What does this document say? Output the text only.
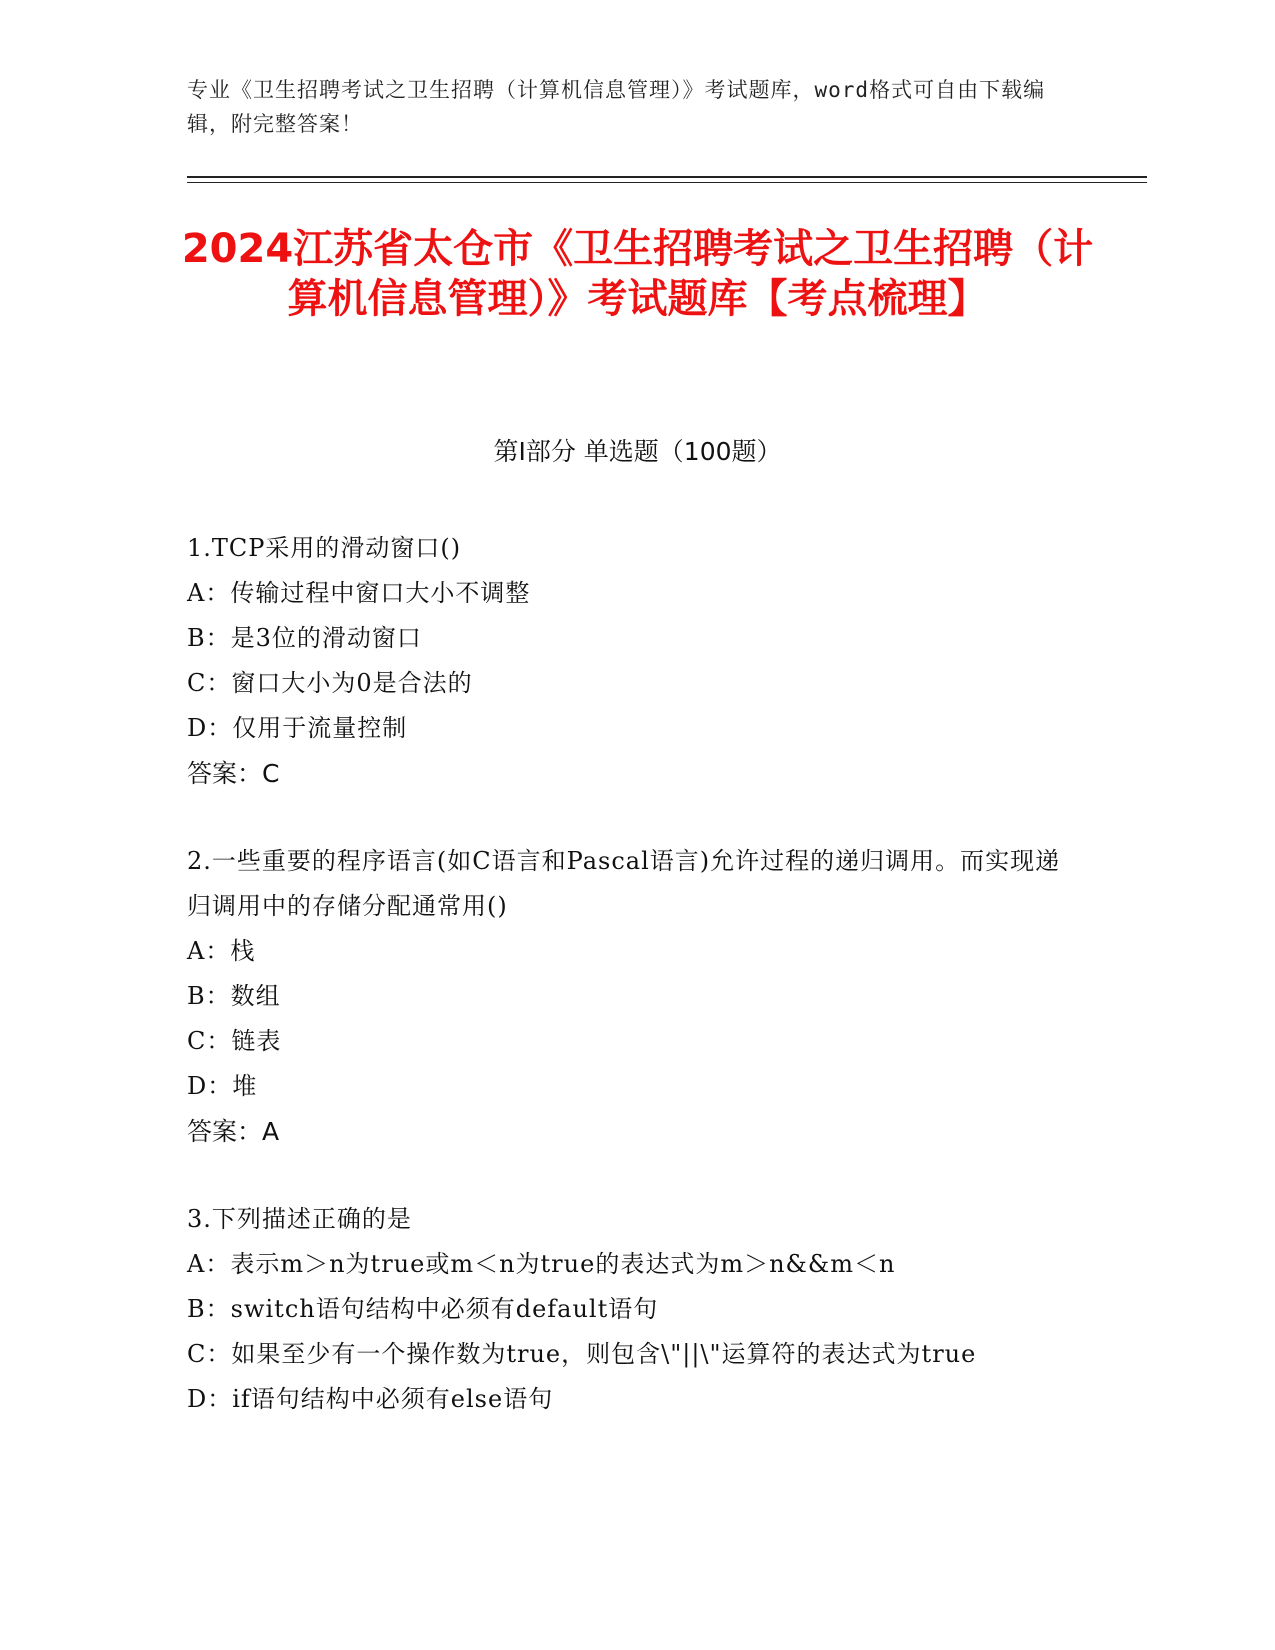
专业《卫生招聘考试之卫生招聘（计算机信息管理）》考试题库，word格式可自由下载编辑，附完整答案！
2024江苏省太仓市《卫生招聘考试之卫生招聘（计算机信息管理）》考试题库【考点梳理】
第I部分 单选题（100题）

1.TCP采用的滑动窗口()

A：传输过程中窗口大小不调整

B：是3位的滑动窗口

C：窗口大小为0是合法的

D：仅用于流量控制

答案：C

2.一些重要的程序语言(如C语言和Pascal语言)允许过程的递归调用。而实现递归调用中的存储分配通常用()

A：栈

B：数组

C：链表

D：堆

答案：A

3.下列描述正确的是

A：表示m＞n为true或m＜n为true的表达式为m＞n&&m＜n

B：switch语句结构中必须有default语句

C：如果至少有一个操作数为true，则包含\"||\"运算符的表达式为true

D：if语句结构中必须有else语句
